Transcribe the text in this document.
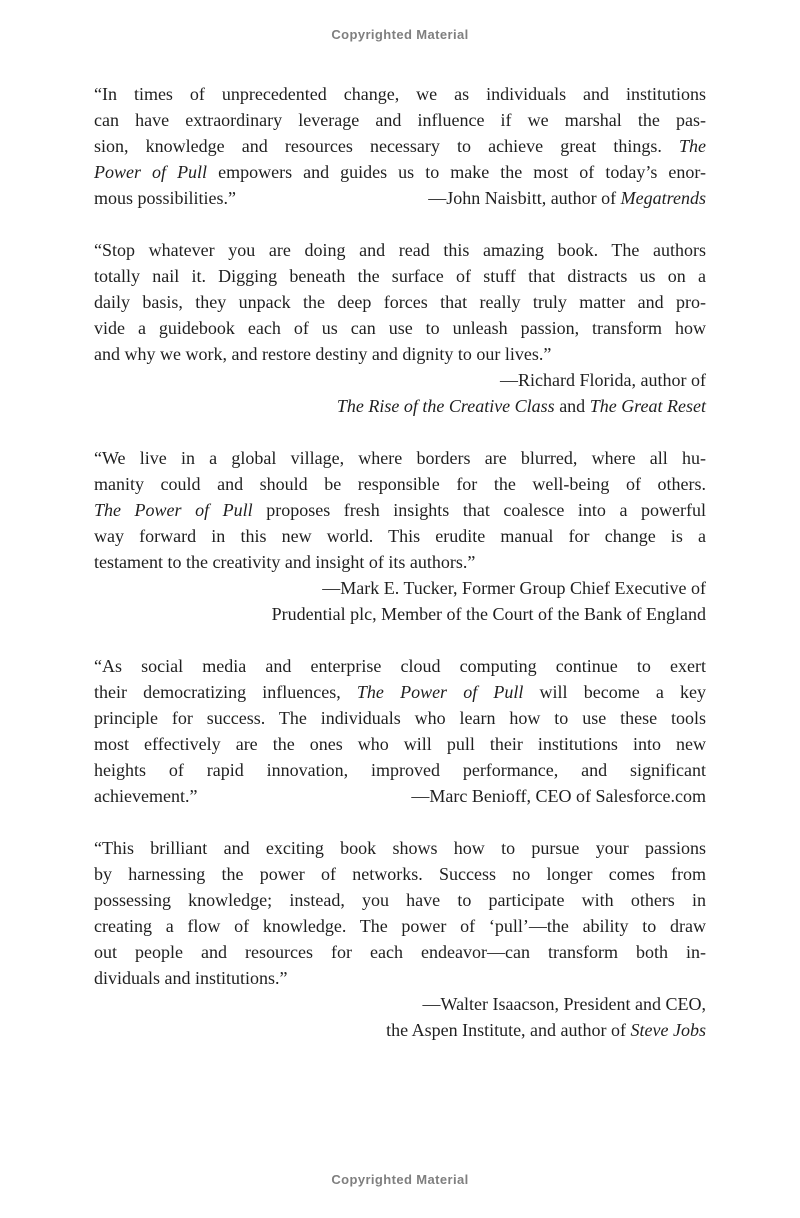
Copyrighted Material
“In times of unprecedented change, we as individuals and institutions
can have extraordinary leverage and influence if we marshal the pas-
sion, knowledge and resources necessary to achieve great things. The
Power of Pull empowers and guides us to make the most of today’s enor-
mous possibilities.”	—John Naisbitt, author of Megatrends
“Stop whatever you are doing and read this amazing book. The authors
totally nail it. Digging beneath the surface of stuff that distracts us on a
daily basis, they unpack the deep forces that really truly matter and pro-
vide a guidebook each of us can use to unleash passion, transform how
and why we work, and restore destiny and dignity to our lives.”
—Richard Florida, author of
The Rise of the Creative Class and The Great Reset
“We live in a global village, where borders are blurred, where all hu-
manity could and should be responsible for the well-being of others.
The Power of Pull proposes fresh insights that coalesce into a powerful
way forward in this new world. This erudite manual for change is a
testament to the creativity and insight of its authors.”
—Mark E. Tucker, Former Group Chief Executive of
Prudential plc, Member of the Court of the Bank of England
“As social media and enterprise cloud computing continue to exert
their democratizing influences, The Power of Pull will become a key
principle for success. The individuals who learn how to use these tools
most effectively are the ones who will pull their institutions into new
heights of rapid innovation, improved performance, and significant
achievement.”	—Marc Benioff, CEO of Salesforce.com
“This brilliant and exciting book shows how to pursue your passions
by harnessing the power of networks. Success no longer comes from
possessing knowledge; instead, you have to participate with others in
creating a flow of knowledge. The power of ‘pull’—the ability to draw
out people and resources for each endeavor—can transform both in-
dividuals and institutions.”
—Walter Isaacson, President and CEO,
the Aspen Institute, and author of Steve Jobs
Copyrighted Material
